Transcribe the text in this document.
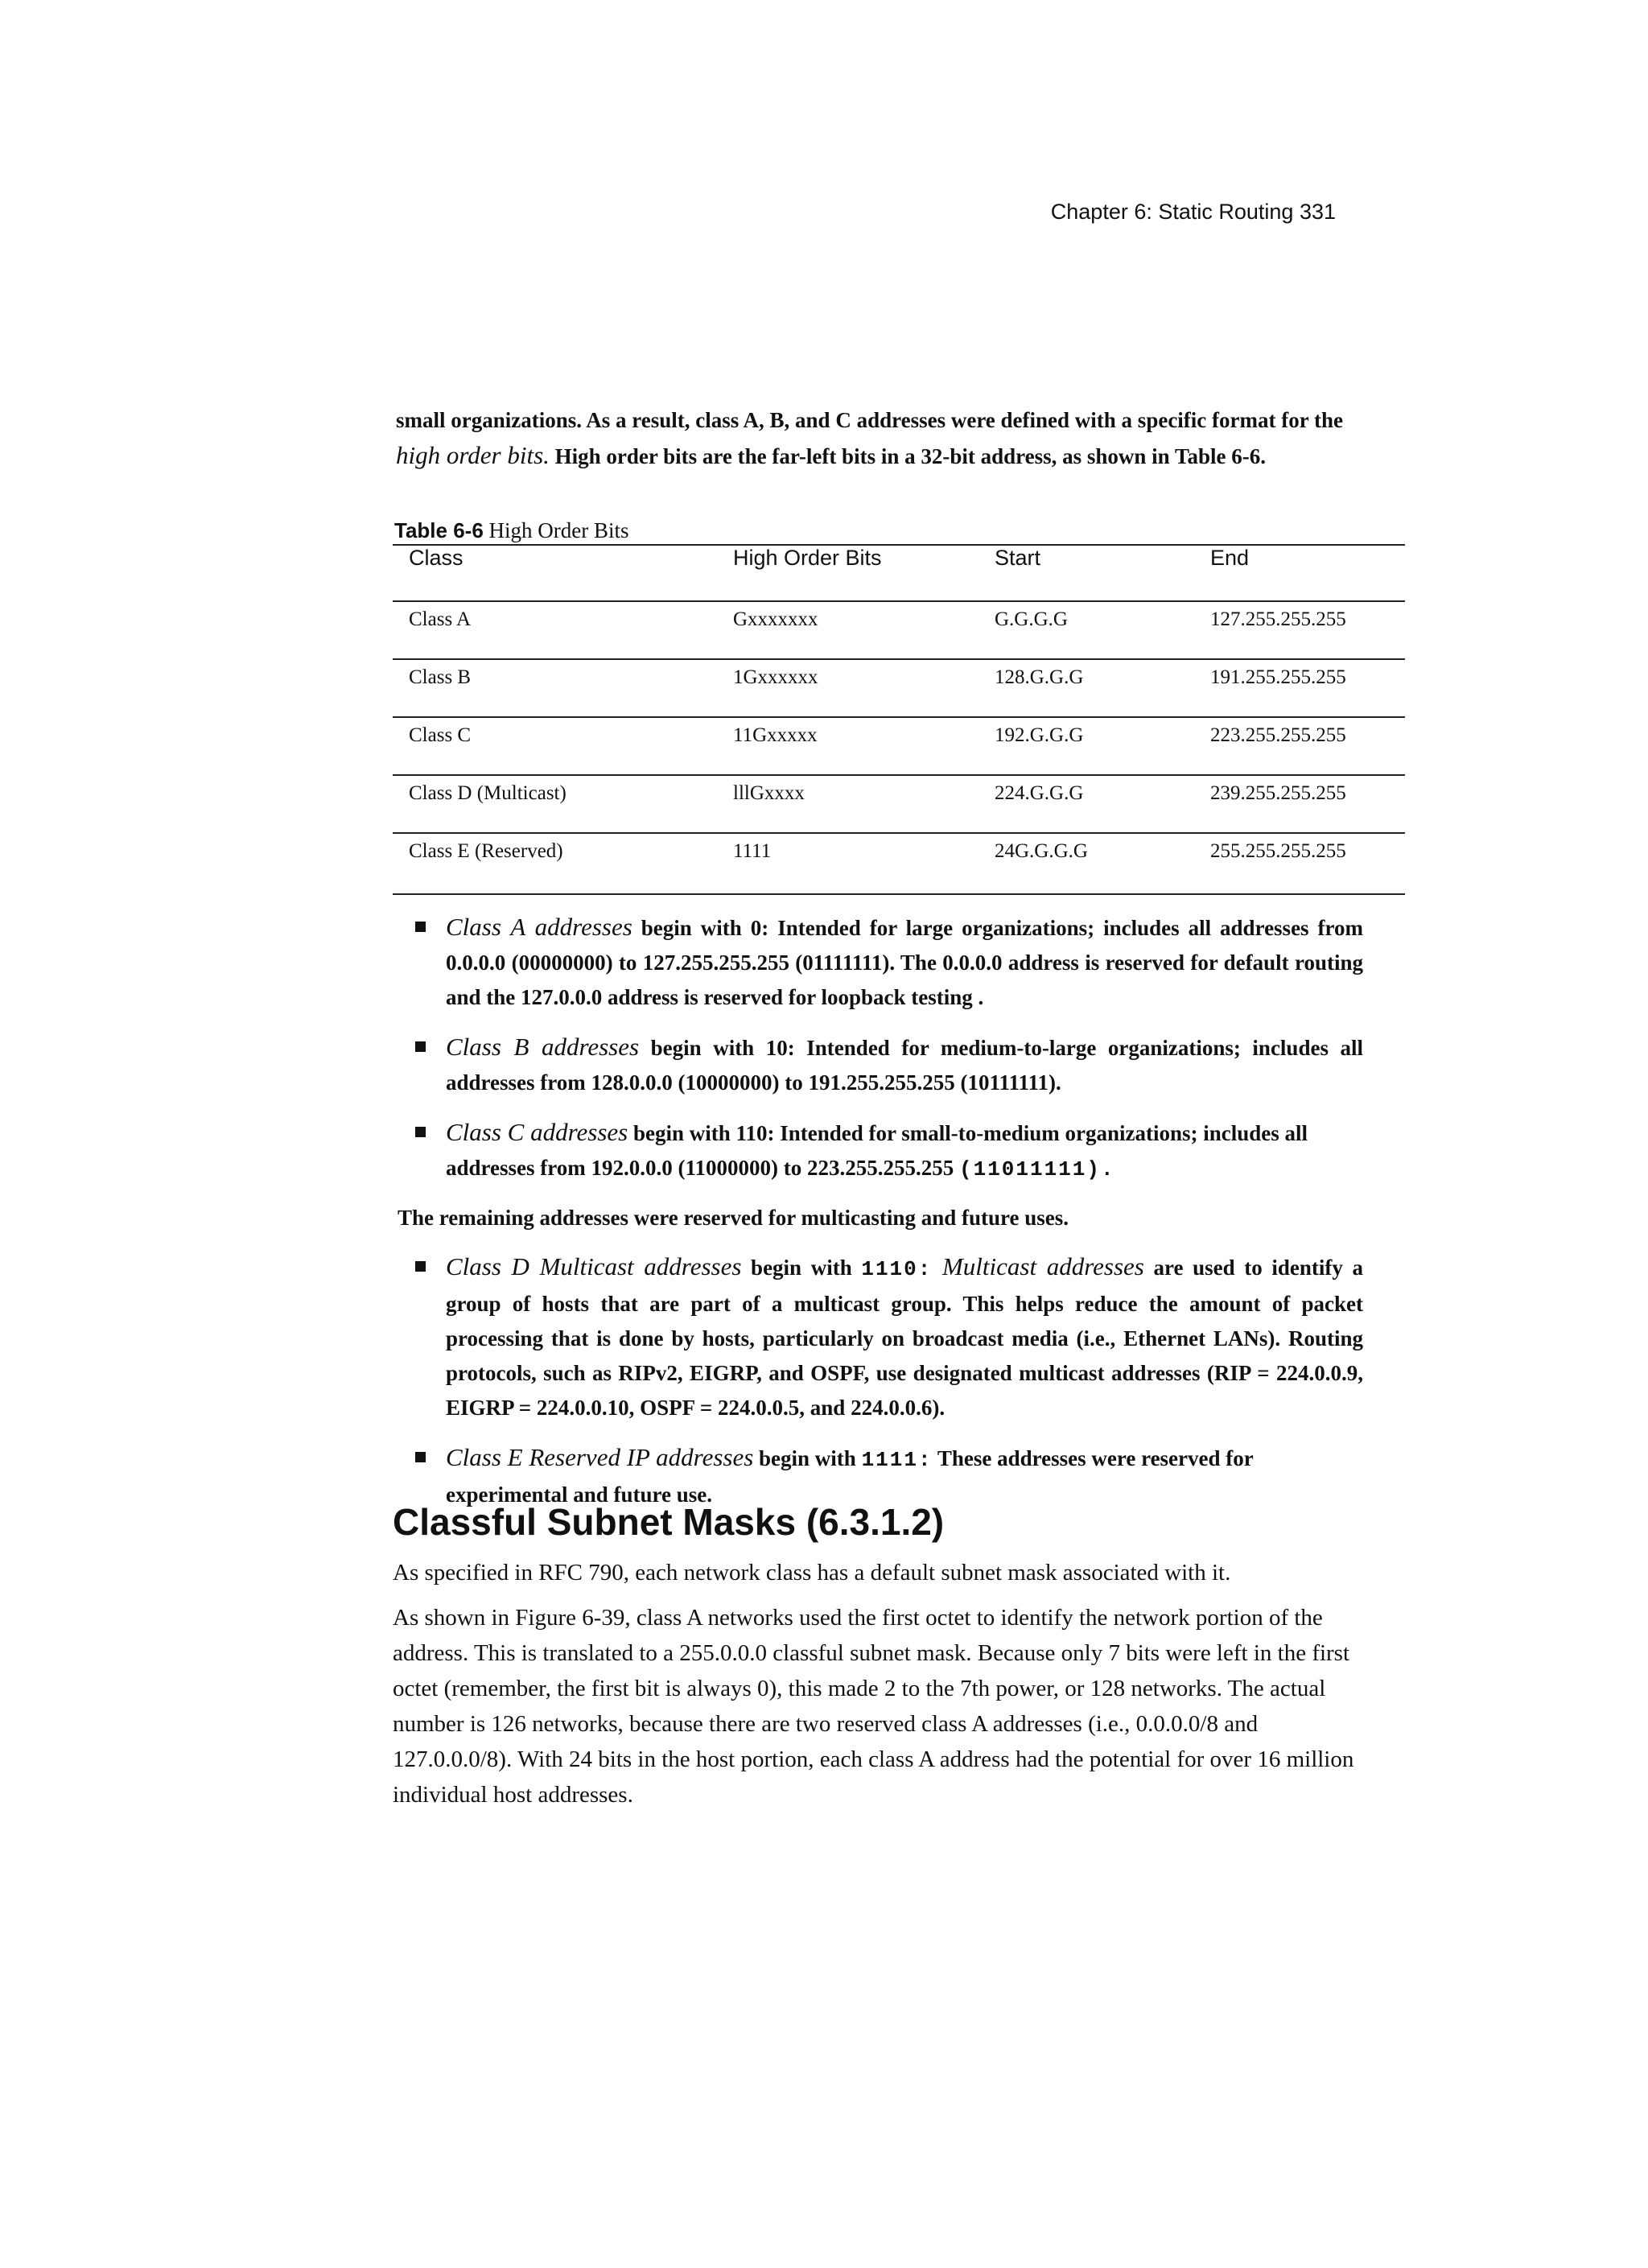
Chapter 6: Static Routing 331

small organizations. As a result, class A, B, and C addresses were defined with a specific format for the high order bits. High order bits are the far-left bits in a 32-bit address, as shown in Table 6-6.

Table 6-6 High Order Bits
Class	High Order Bits	Start	End
Class A	Gxxxxxxx	G.G.G.G	127.255.255.255
Class B	1Gxxxxxx	128.G.G.G	191.255.255.255
Class C	11Gxxxxx	192.G.G.G	223.255.255.255
Class D (Multicast)	lllGxxxx	224.G.G.G	239.255.255.255
Class E (Reserved)	1111	24G.G.G.G	255.255.255.255
Class A addresses begin with 0: Intended for large organizations; includes all addresses from 0.0.0.0 (00000000) to 127.255.255.255 (01111111). The 0.0.0.0 address is reserved for default routing and the 127.0.0.0 address is reserved for loopback testing .
Class B addresses begin with 10: Intended for medium-to-large organizations; includes all addresses from 128.0.0.0 (10000000) to 191.255.255.255 (10111111).
Class C addresses begin with 110: Intended for small-to-medium organizations; includes all addresses from 192.0.0.0 (11000000) to 223.255.255.255 (11011111).
The remaining addresses were reserved for multicasting and future uses.
Class D Multicast addresses begin with 1110: Multicast addresses are used to identify a group of hosts that are part of a multicast group. This helps reduce the amount of packet processing that is done by hosts, particularly on broadcast media (i.e., Ethernet LANs). Routing protocols, such as RIPv2, EIGRP, and OSPF, use designated multicast addresses (RIP = 224.0.0.9, EIGRP = 224.0.0.10, OSPF = 224.0.0.5, and 224.0.0.6).
Class E Reserved IP addresses begin with 1111: These addresses were reserved for experimental and future use.
Classful Subnet Masks (6.3.1.2)

As specified in RFC 790, each network class has a default subnet mask associated with it.

As shown in Figure 6-39, class A networks used the first octet to identify the network portion of the address. This is translated to a 255.0.0.0 classful subnet mask. Because only 7 bits were left in the first octet (remember, the first bit is always 0), this made 2 to the 7th power, or 128 networks. The actual number is 126 networks, because there are two reserved class A addresses (i.e., 0.0.0.0/8 and 127.0.0.0/8). With 24 bits in the host portion, each class A address had the potential for over 16 million individual host addresses.
